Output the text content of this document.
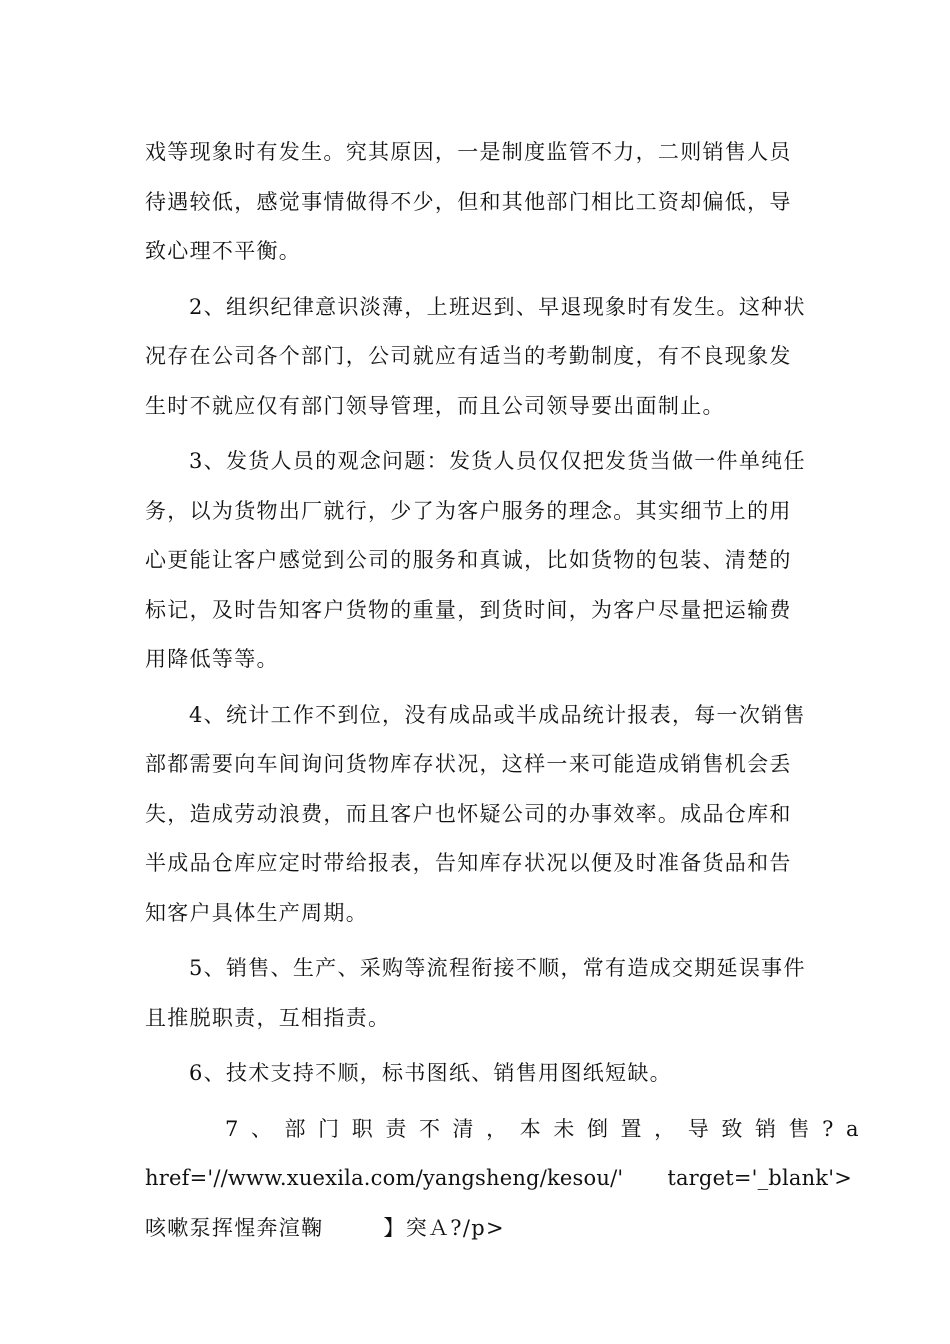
戏等现象时有发生。究其原因，一是制度监管不力，二则销售人员
待遇较低，感觉事情做得不少，但和其他部门相比工资却偏低，导
致心理不平衡。

2、组织纪律意识淡薄，上班迟到、早退现象时有发生。这种状
况存在公司各个部门，公司就应有适当的考勤制度，有不良现象发
生时不就应仅有部门领导管理，而且公司领导要出面制止。

3、发货人员的观念问题：发货人员仅仅把发货当做一件单纯任
务，以为货物出厂就行，少了为客户服务的理念。其实细节上的用
心更能让客户感觉到公司的服务和真诚，比如货物的包装、清楚的
标记，及时告知客户货物的重量，到货时间，为客户尽量把运输费
用降低等等。

4、统计工作不到位，没有成品或半成品统计报表，每一次销售
部都需要向车间询问货物库存状况，这样一来可能造成销售机会丢
失，造成劳动浪费，而且客户也怀疑公司的办事效率。成品仓库和
半成品仓库应定时带给报表，告知库存状况以便及时准备货品和告
知客户具体生产周期。

5、销售、生产、采购等流程衔接不顺，常有造成交期延误事件
且推脱职责，互相指责。

6、技术支持不顺，标书图纸、销售用图纸短缺。

7、部门职责不清，本未倒置，导致销售?a
href='//www.xuexila.com/yangsheng/kesou/' target='_blank'>
咳嗽泵挥惺奔渲鞠	】突Ａ?/p>
